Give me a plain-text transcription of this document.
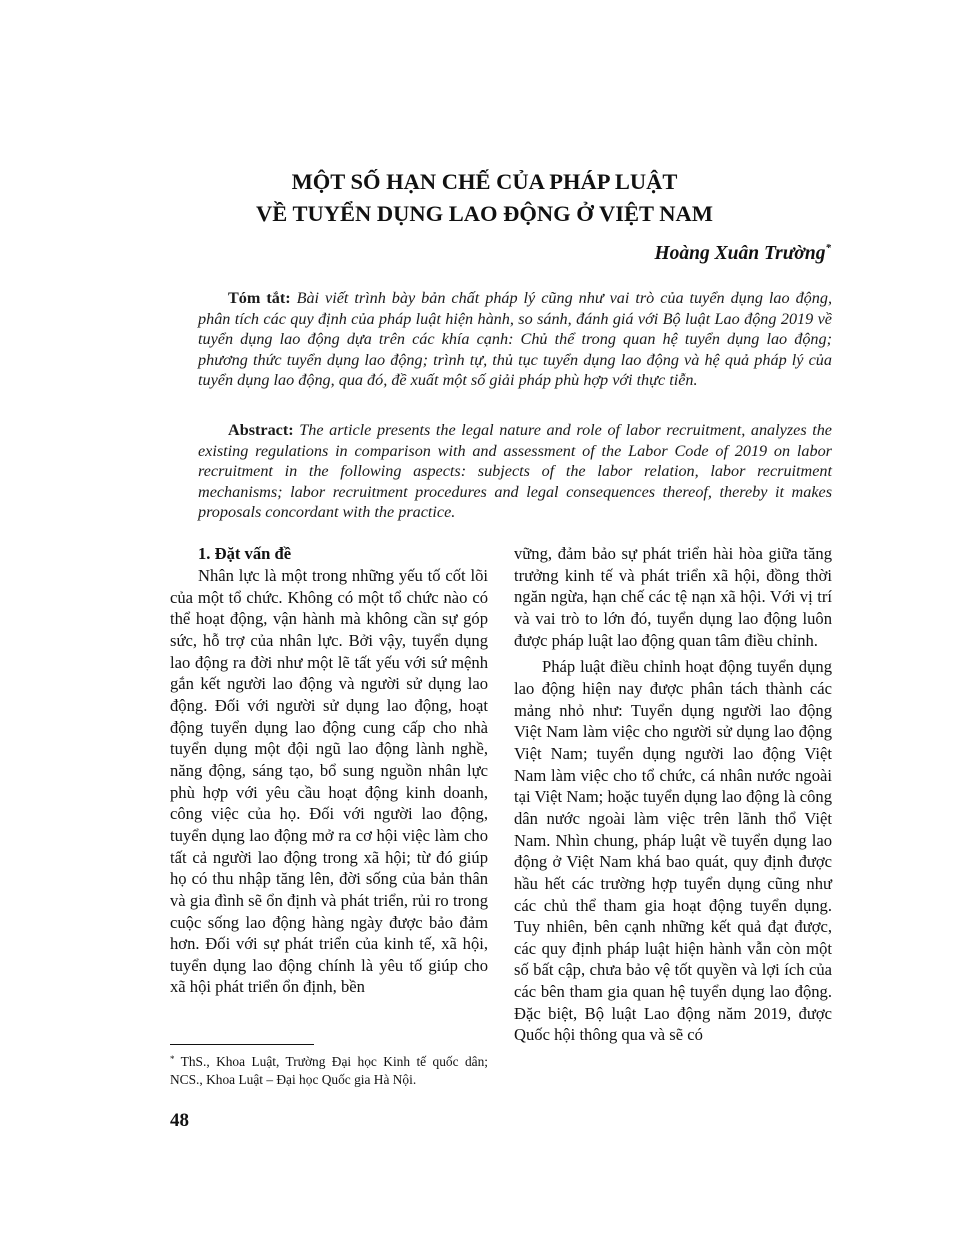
MỘT SỐ HẠN CHẾ CỦA PHÁP LUẬT
VỀ TUYỂN DỤNG LAO ĐỘNG Ở VIỆT NAM
Hoàng Xuân Trường*

Tóm tắt: Bài viết trình bày bản chất pháp lý cũng như vai trò của tuyển dụng lao động, phân tích các quy định của pháp luật hiện hành, so sánh, đánh giá với Bộ luật Lao động 2019 về tuyển dụng lao động dựa trên các khía cạnh: Chủ thể trong quan hệ tuyển dụng lao động; phương thức tuyển dụng lao động; trình tự, thủ tục tuyển dụng lao động và hệ quả pháp lý của tuyển dụng lao động, qua đó, đề xuất một số giải pháp phù hợp với thực tiễn.

Abstract: The article presents the legal nature and role of labor recruitment, analyzes the existing regulations in comparison with and assessment of the Labor Code of 2019 on labor recruitment in the following aspects: subjects of the labor relation, labor recruitment mechanisms; labor recruitment procedures and legal consequences thereof, thereby it makes proposals concordant with the practice.

1. Đặt vấn đề

Nhân lực là một trong những yếu tố cốt lõi của một tổ chức. Không có một tổ chức nào có thể hoạt động, vận hành mà không cần sự góp sức, hỗ trợ của nhân lực. Bởi vậy, tuyển dụng lao động ra đời như một lẽ tất yếu với sứ mệnh gắn kết người lao động và người sử dụng lao động. Đối với người sử dụng lao động, hoạt động tuyển dụng lao động cung cấp cho nhà tuyển dụng một đội ngũ lao động lành nghề, năng động, sáng tạo, bổ sung nguồn nhân lực phù hợp với yêu cầu hoạt động kinh doanh, công việc của họ. Đối với người lao động, tuyển dụng lao động mở ra cơ hội việc làm cho tất cả người lao động trong xã hội; từ đó giúp họ có thu nhập tăng lên, đời sống của bản thân và gia đình sẽ ổn định và phát triển, rủi ro trong cuộc sống lao động hàng ngày được bảo đảm hơn. Đối với sự phát triển của kinh tế, xã hội, tuyển dụng lao động chính là yêu tố giúp cho xã hội phát triển ổn định, bền

vững, đảm bảo sự phát triển hài hòa giữa tăng trưởng kinh tế và phát triển xã hội, đồng thời ngăn ngừa, hạn chế các tệ nạn xã hội. Với vị trí và vai trò to lớn đó, tuyển dụng lao động luôn được pháp luật lao động quan tâm điều chỉnh.

Pháp luật điều chỉnh hoạt động tuyển dụng lao động hiện nay được phân tách thành các mảng nhỏ như: Tuyển dụng người lao động Việt Nam làm việc cho người sử dụng lao động Việt Nam; tuyển dụng người lao động Việt Nam làm việc cho tổ chức, cá nhân nước ngoài tại Việt Nam; hoặc tuyển dụng lao động là công dân nước ngoài làm việc trên lãnh thổ Việt Nam. Nhìn chung, pháp luật về tuyển dụng lao động ở Việt Nam khá bao quát, quy định được hầu hết các trường hợp tuyển dụng cũng như các chủ thể tham gia hoạt động tuyển dụng. Tuy nhiên, bên cạnh những kết quả đạt được, các quy định pháp luật hiện hành vẫn còn một số bất cập, chưa bảo vệ tốt quyền và lợi ích của các bên tham gia quan hệ tuyển dụng lao động. Đặc biệt, Bộ luật Lao động năm 2019, được Quốc hội thông qua và sẽ có

* ThS., Khoa Luật, Trường Đại học Kinh tế quốc dân; NCS., Khoa Luật – Đại học Quốc gia Hà Nội.

48
